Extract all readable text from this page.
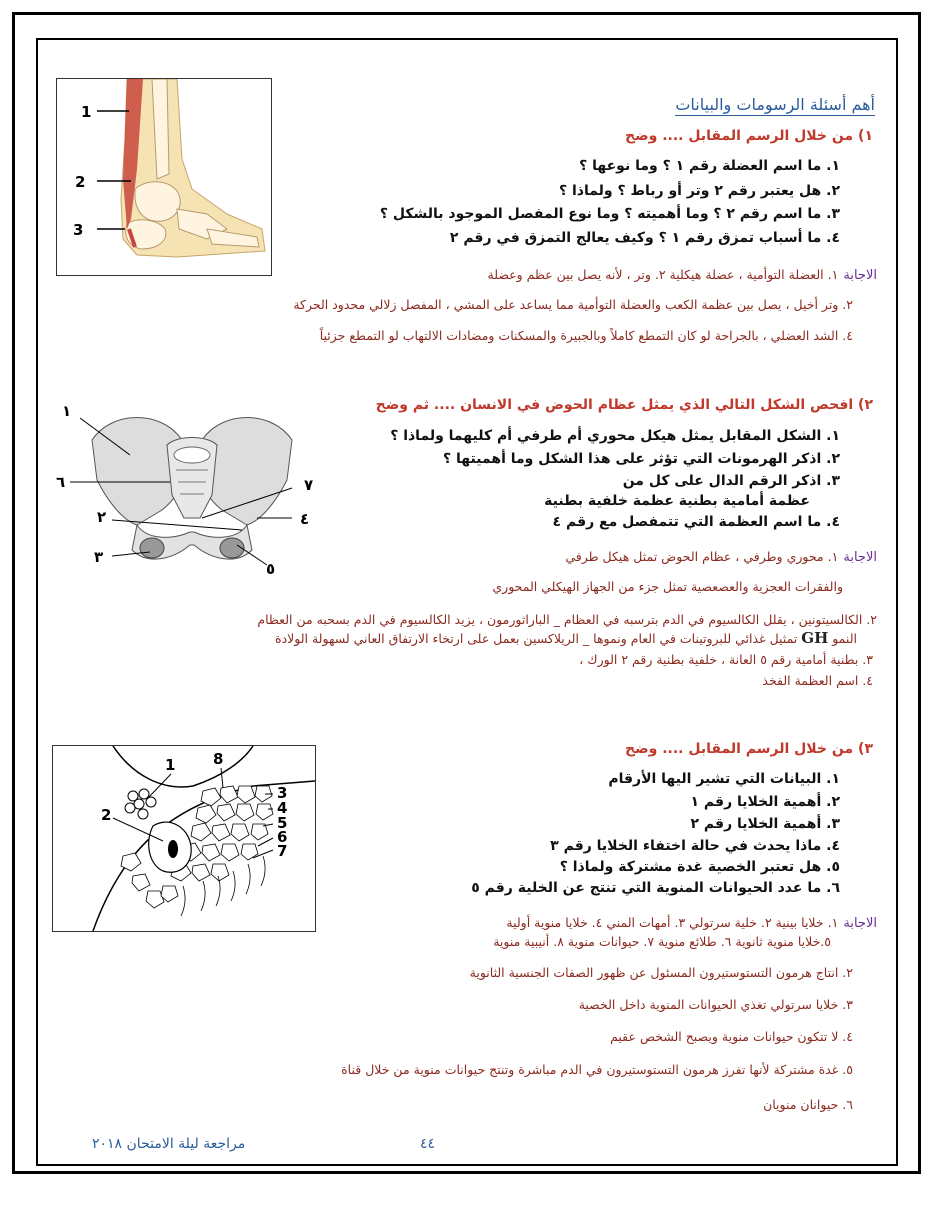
أهم أسئلة الرسومات والبيانات
1
2
3
١) من خلال الرسم المقابل .... وضح
١. ما اسم العضلة رقم ١ ؟ وما نوعها ؟
٢. هل يعتبر رقم ٢ وتر أو رباط ؟ ولماذا ؟
٣. ما اسم رقم ٢ ؟ وما أهميته ؟ وما نوع المفصل الموجود بالشكل ؟
٤. ما أسباب تمزق رقم ١ ؟ وكيف يعالج التمزق في رقم ٢
الاجابة ١. العضلة التوأمية ، عضلة هيكلية ٢. وتر ، لأنه يصل بين عظم وعضلة
٢. وتر أخيل ، يصل بين عظمة الكعب والعضلة التوأمية مما يساعد على المشي ، المفصل زلالي محدود الحركة
٤. الشد العضلي ، بالجراحة لو كان التمطع كاملاً وبالجبيرة والمسكنات ومضادات الالتهاب لو التمطع جزئياً
١
٦
٢
٣
٧
٤
٥
٢) افحص الشكل التالي الذي يمثل عظام الحوض في الانسان .... ثم وضح
١. الشكل المقابل يمثل هيكل محوري أم طرفي أم كليهما ولماذا ؟
٢. اذكر الهرمونات التي تؤثر على هذا الشكل وما أهميتها ؟
٣. اذكر الرقم الدال على كل من
عظمة أمامية بطنية عظمة خلفية بطنية
٤. ما اسم العظمة التي تتمفصل مع رقم ٤
الاجابة ١. محوري وطرفي ، عظام الحوض تمثل هيكل طرفي
والفقرات العجزية والعصعصية تمثل جزء من الجهاز الهيكلي المحوري
٢. الكالسيتونين ، يقلل الكالسيوم في الدم بترسبه في العظام _ الباراثورمون ، يزيد الكالسيوم في الدم بسحبه من العظام
النمو GH تمثيل غذائي للبروتينات في العام ونموها _ الريلاكسين بعمل على ارتخاء الارتفاق العاني لسهولة الولادة
٣. بطنية أمامية رقم ٥ العانة ، خلفية بطنية رقم ٢ الورك ،
٤. اسم العظمة الفخذ
1	8
2
3
4
5
6
7
٣) من خلال الرسم المقابل .... وضح
١. البيانات التي تشير اليها الأرقام
٢. أهمية الخلايا رقم ١
٣. أهمية الخلايا رقم ٢
٤. ماذا يحدث في حالة اختفاء الخلايا رقم ٣
٥. هل تعتبر الخصية غدة مشتركة ولماذا ؟
٦. ما عدد الحيوانات المنوية التي تنتج عن الخلية رقم ٥
الاجابة ١. خلايا بينية ٢. خلية سرتولي ٣. أمهات المني ٤. خلايا منوية أولية
٥.خلايا منوية ثانوية ٦. طلائع منوية ٧. حيوانات منوية ٨. أنيبية منوية
٢. انتاج هرمون التستوستيرون المسئول عن ظهور الصفات الجنسية الثانوية
٣. خلايا سرتولي تغذي الحيوانات المنوية داخل الخصية
٤. لا تتكون حيوانات منوية ويصبح الشخص عقيم
٥. غدة مشتركة لأنها تفرز هرمون التستوستيرون في الدم مباشرة وتنتج حيوانات منوية من خلال قناة
٦. حيوانان منويان
مراجعة ليلة الامتحان ٢٠١٨	٤٤
